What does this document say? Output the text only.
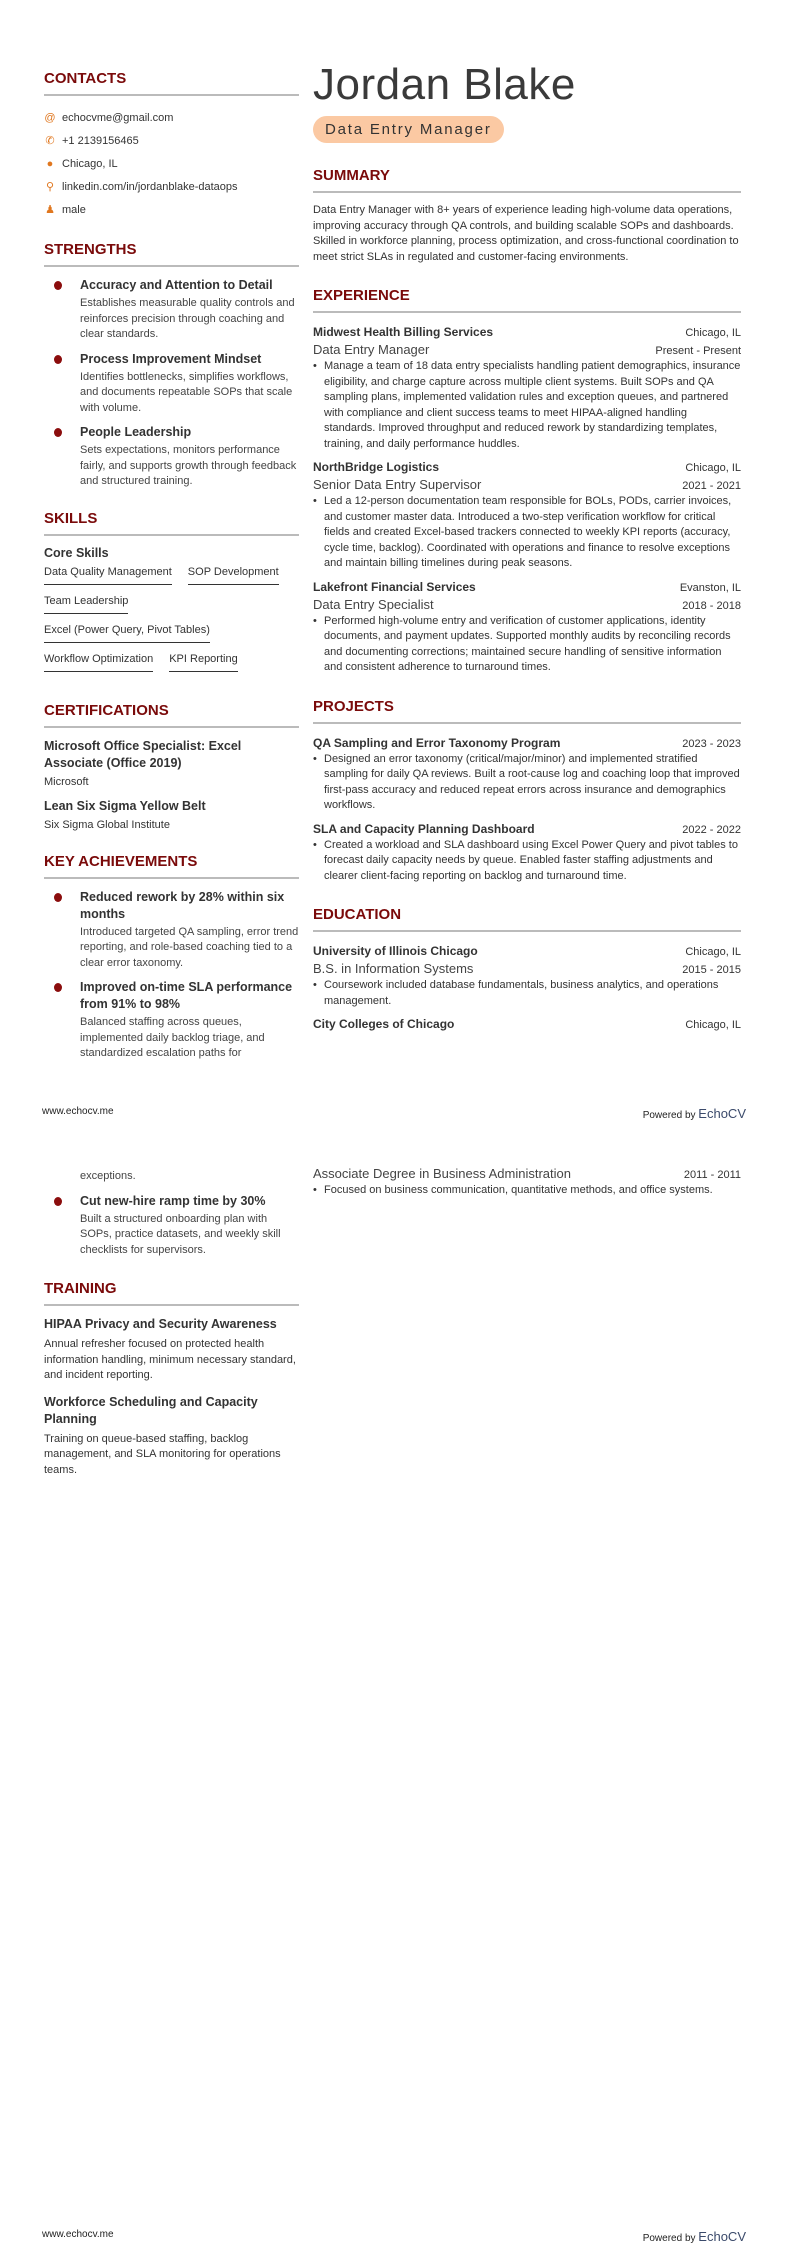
CONTACTS
@ echocvme@gmail.com
✆ +1 2139156465
● Chicago, IL
⚲ linkedin.com/in/jordanblake-dataops
♟ male
STRENGTHS
Accuracy and Attention to Detail
Establishes measurable quality controls and reinforces precision through coaching and clear standards.
Process Improvement Mindset
Identifies bottlenecks, simplifies workflows, and documents repeatable SOPs that scale with volume.
People Leadership
Sets expectations, monitors performance fairly, and supports growth through feedback and structured training.
SKILLS
Core Skills
Data Quality Management SOP Development
Team Leadership
Excel (Power Query, Pivot Tables)
Workflow Optimization KPI Reporting
CERTIFICATIONS
Microsoft Office Specialist: Excel Associate (Office 2019)
Microsoft
Lean Six Sigma Yellow Belt
Six Sigma Global Institute
KEY ACHIEVEMENTS
Reduced rework by 28% within six months
Introduced targeted QA sampling, error trend reporting, and role-based coaching tied to a clear error taxonomy.
Improved on-time SLA performance from 91% to 98%
Balanced staffing across queues, implemented daily backlog triage, and standardized escalation paths for
Jordan Blake
Data Entry Manager
SUMMARY
Data Entry Manager with 8+ years of experience leading high-volume data operations, improving accuracy through QA controls, and building scalable SOPs and dashboards. Skilled in workforce planning, process optimization, and cross-functional coordination to meet strict SLAs in regulated and customer-facing environments.
EXPERIENCE
Midwest Health Billing Services	Chicago, IL
Data Entry Manager	Present - Present
• Manage a team of 18 data entry specialists handling patient demographics, insurance eligibility, and charge capture across multiple client systems. Built SOPs and QA sampling plans, implemented validation rules and exception queues, and partnered with compliance and client success teams to meet HIPAA-aligned handling standards. Improved throughput and reduced rework by standardizing templates, training, and daily performance huddles.
NorthBridge Logistics	Chicago, IL
Senior Data Entry Supervisor	2021 - 2021
• Led a 12-person documentation team responsible for BOLs, PODs, carrier invoices, and customer master data. Introduced a two-step verification workflow for critical fields and created Excel-based trackers connected to weekly KPI reports (accuracy, cycle time, backlog). Coordinated with operations and finance to resolve exceptions and maintain billing timelines during peak seasons.
Lakefront Financial Services	Evanston, IL
Data Entry Specialist	2018 - 2018
• Performed high-volume entry and verification of customer applications, identity documents, and payment updates. Supported monthly audits by reconciling records and documenting corrections; maintained secure handling of sensitive information and consistent adherence to turnaround times.
PROJECTS
QA Sampling and Error Taxonomy Program	2023 - 2023
• Designed an error taxonomy (critical/major/minor) and implemented stratified sampling for daily QA reviews. Built a root-cause log and coaching loop that improved first-pass accuracy and reduced repeat errors across insurance and demographics workflows.
SLA and Capacity Planning Dashboard	2022 - 2022
• Created a workload and SLA dashboard using Excel Power Query and pivot tables to forecast daily capacity needs by queue. Enabled faster staffing adjustments and clearer client-facing reporting on backlog and turnaround time.
EDUCATION
University of Illinois Chicago	Chicago, IL
B.S. in Information Systems	2015 - 2015
• Coursework included database fundamentals, business analytics, and operations management.
City Colleges of Chicago	Chicago, IL
www.echocv.me	Powered by EchoCV
exceptions.
Cut new-hire ramp time by 30%
Built a structured onboarding plan with SOPs, practice datasets, and weekly skill checklists for supervisors.
TRAINING
HIPAA Privacy and Security Awareness
Annual refresher focused on protected health information handling, minimum necessary standard, and incident reporting.
Workforce Scheduling and Capacity Planning
Training on queue-based staffing, backlog management, and SLA monitoring for operations teams.
Associate Degree in Business Administration	2011 - 2011
• Focused on business communication, quantitative methods, and office systems.
www.echocv.me	Powered by EchoCV
